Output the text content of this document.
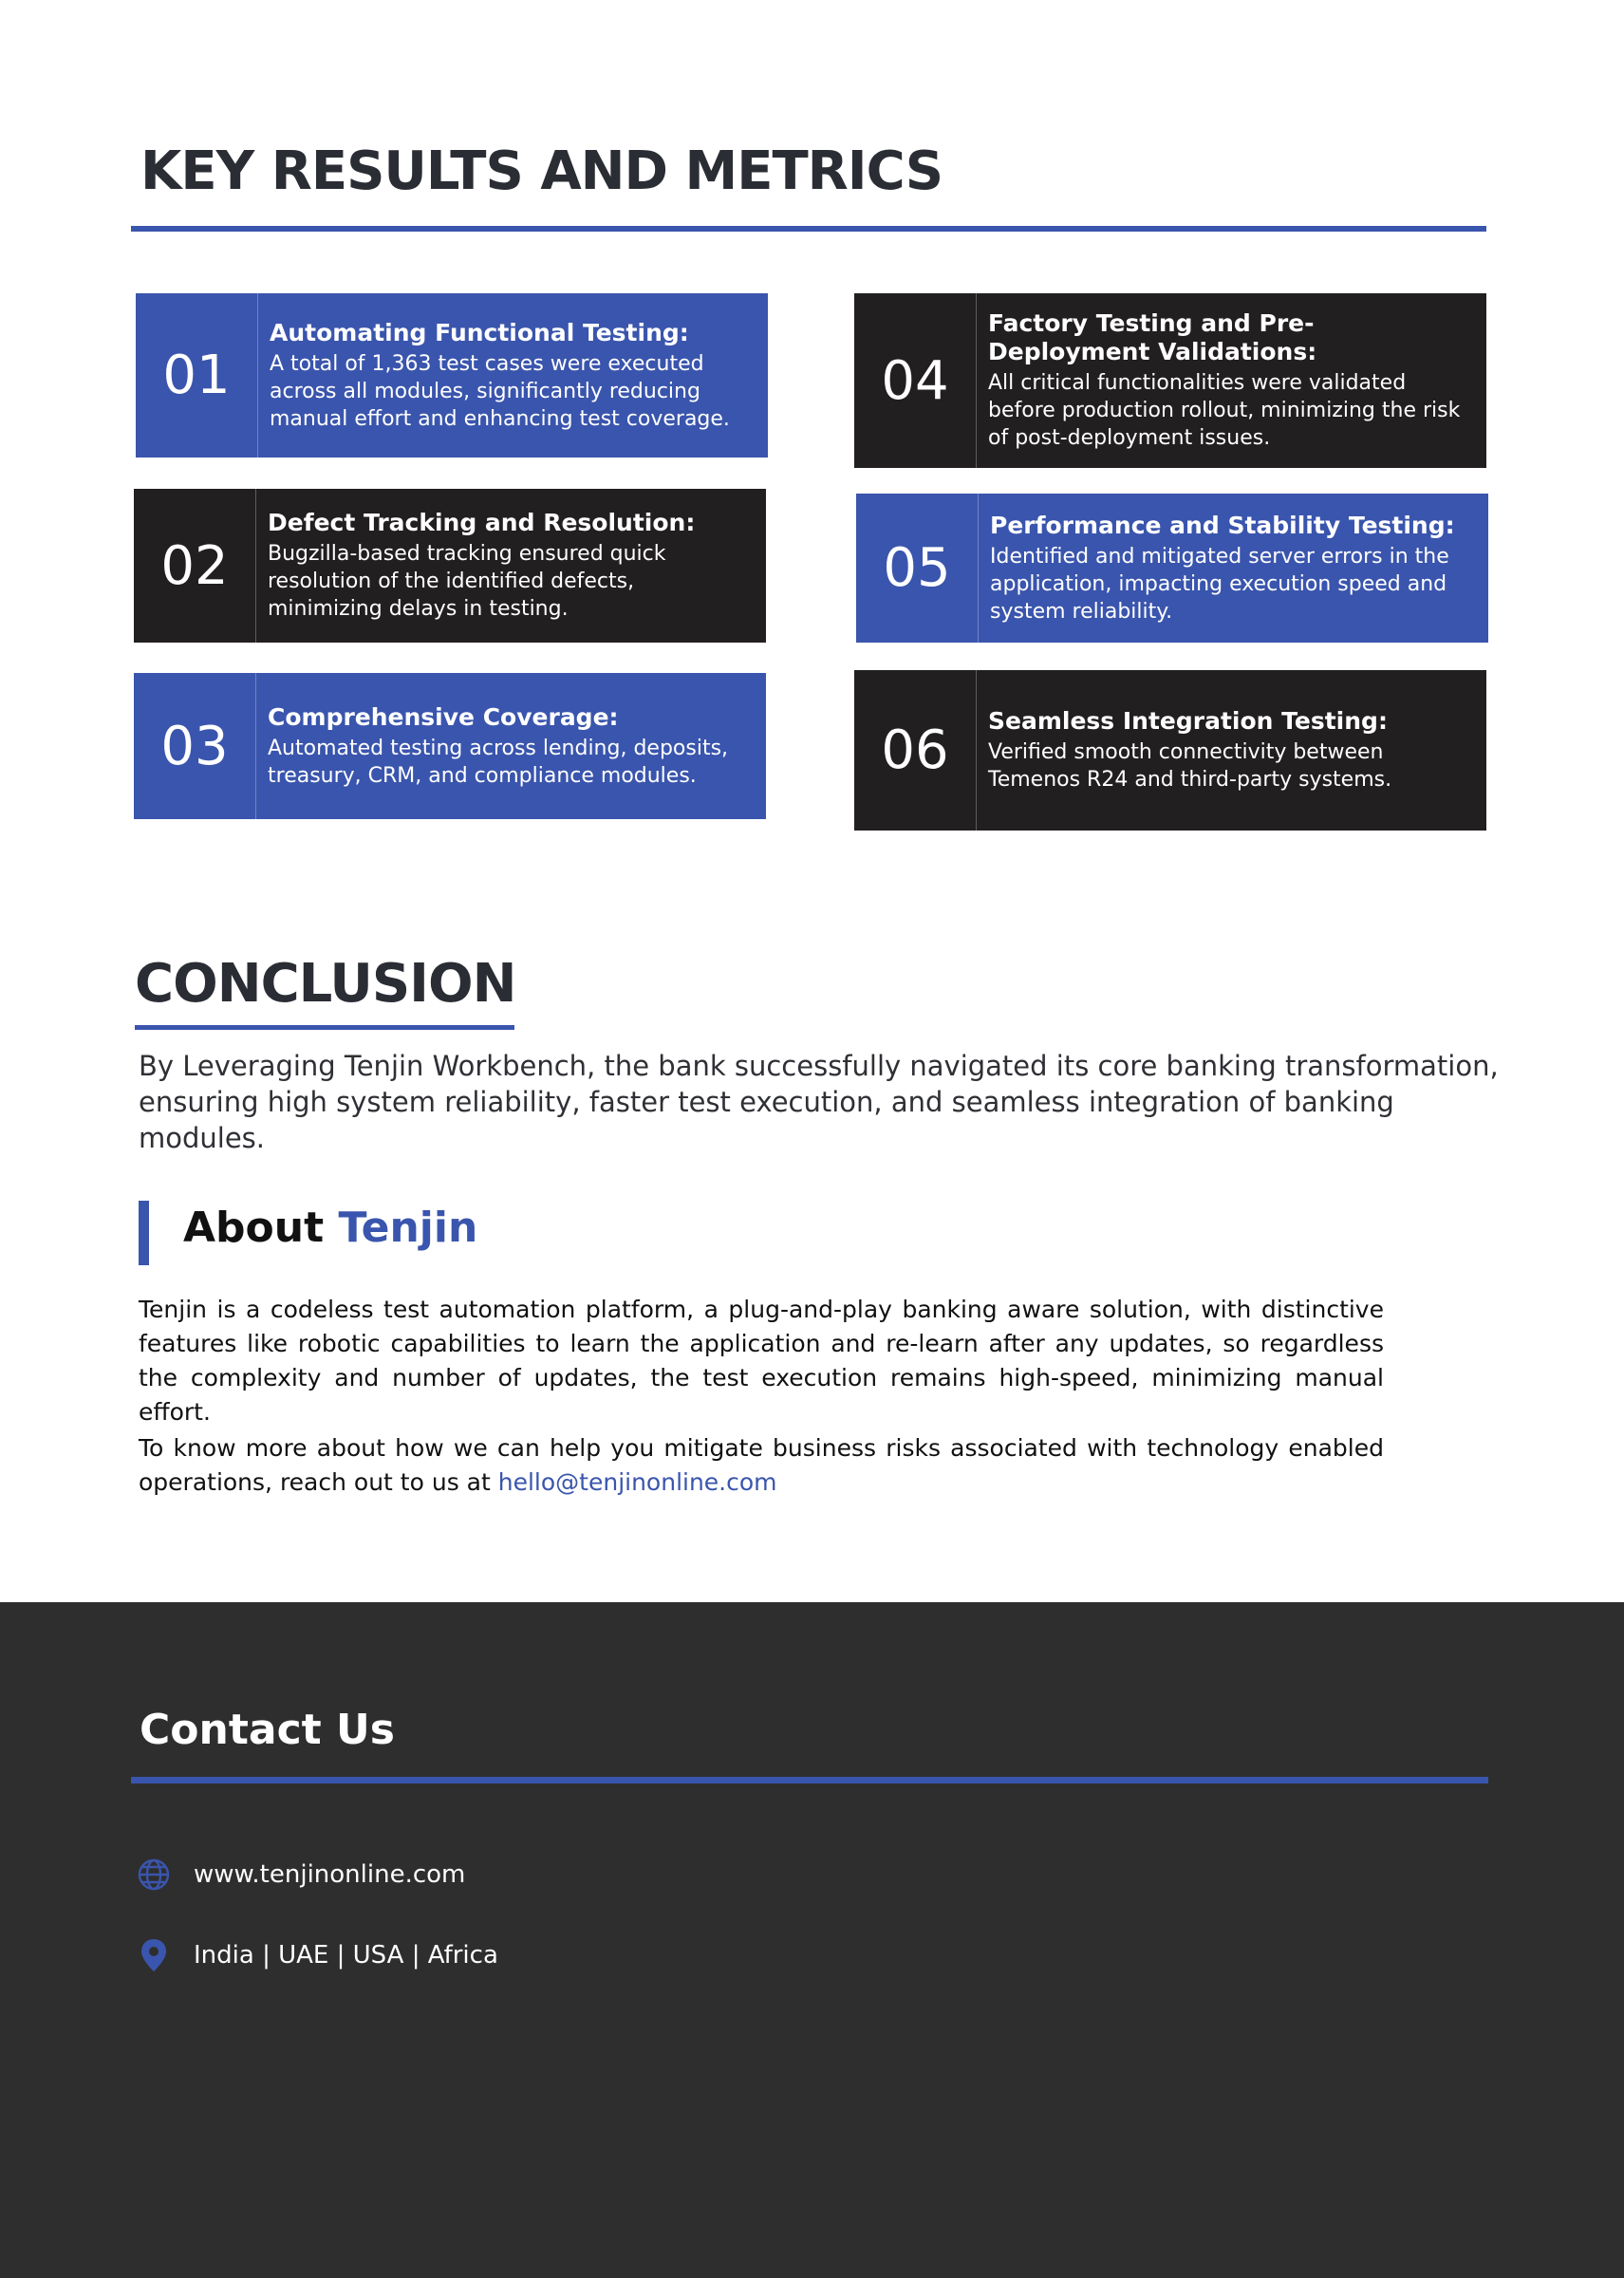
KEY RESULTS AND METRICS
01
Automating Functional Testing:
A total of 1,363 test cases were executed across all modules, significantly reducing manual effort and enhancing test coverage.
02
Defect Tracking and Resolution:
Bugzilla-based tracking ensured quick resolution of the identified defects, minimizing delays in testing.
03	Comprehensive Coverage:
Automated testing across lending, deposits, treasury, CRM, and compliance modules.
04
Factory Testing and Pre-Deployment Validations:
All critical functionalities were validated before production rollout, minimizing the risk of post-deployment issues.
05
Performance and Stability Testing:
Identified and mitigated server errors in the application, impacting execution speed and system reliability.
06	Seamless Integration Testing:
Verified smooth connectivity between Temenos R24 and third-party systems.
CONCLUSION
By Leveraging Tenjin Workbench, the bank successfully navigated its core banking transformation, ensuring high system reliability, faster test execution, and seamless integration of banking modules.
About Tenjin

Tenjin is a codeless test automation platform, a plug-and-play banking aware solution, with distinctive features like robotic capabilities to learn the application and re-learn after any updates, so regardless the complexity and number of updates, the test execution remains high-speed, minimizing manual effort.

To know more about how we can help you mitigate business risks associated with technology enabled operations, reach out to us at hello@tenjinonline.com

Contact Us
www.tenjinonline.com
India | UAE | USA | Africa
